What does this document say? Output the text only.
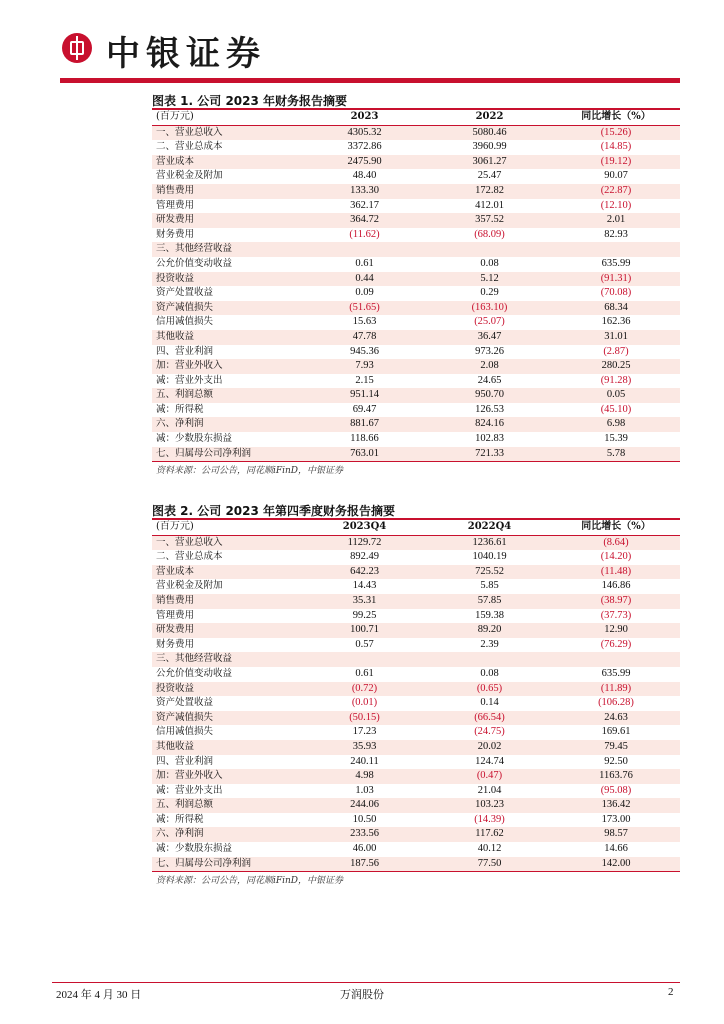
中银证券
图表 1. 公司 2023 年财务报告摘要
(百万元)	2023	2022	同比增长（%）
一、营业总收入	4305.32	5080.46	(15.26)
二、营业总成本	3372.86	3960.99	(14.85)
营业成本	2475.90	3061.27	(19.12)
营业税金及附加	48.40	25.47	90.07
销售费用	133.30	172.82	(22.87)
管理费用	362.17	412.01	(12.10)
研发费用	364.72	357.52	2.01
财务费用	(11.62)	(68.09)	82.93
三、其他经营收益			
公允价值变动收益	0.61	0.08	635.99
投资收益	0.44	5.12	(91.31)
资产处置收益	0.09	0.29	(70.08)
资产减值损失	(51.65)	(163.10)	68.34
信用减值损失	15.63	(25.07)	162.36
其他收益	47.78	36.47	31.01
四、营业利润	945.36	973.26	(2.87)
加：营业外收入	7.93	2.08	280.25
减：营业外支出	2.15	24.65	(91.28)
五、利润总额	951.14	950.70	0.05
减：所得税	69.47	126.53	(45.10)
六、净利润	881.67	824.16	6.98
减：少数股东损益	118.66	102.83	15.39
七、归属母公司净利润	763.01	721.33	5.78
资料来源：公司公告，同花顺iFinD，中银证券
图表 2. 公司 2023 年第四季度财务报告摘要
(百万元)	2023Q4	2022Q4	同比增长（%）
一、营业总收入	1129.72	1236.61	(8.64)
二、营业总成本	892.49	1040.19	(14.20)
营业成本	642.23	725.52	(11.48)
营业税金及附加	14.43	5.85	146.86
销售费用	35.31	57.85	(38.97)
管理费用	99.25	159.38	(37.73)
研发费用	100.71	89.20	12.90
财务费用	0.57	2.39	(76.29)
三、其他经营收益			
公允价值变动收益	0.61	0.08	635.99
投资收益	(0.72)	(0.65)	(11.89)
资产处置收益	(0.01)	0.14	(106.28)
资产减值损失	(50.15)	(66.54)	24.63
信用减值损失	17.23	(24.75)	169.61
其他收益	35.93	20.02	79.45
四、营业利润	240.11	124.74	92.50
加：营业外收入	4.98	(0.47)	1163.76
减：营业外支出	1.03	21.04	(95.08)
五、利润总额	244.06	103.23	136.42
减：所得税	10.50	(14.39)	173.00
六、净利润	233.56	117.62	98.57
减：少数股东损益	46.00	40.12	14.66
七、归属母公司净利润	187.56	77.50	142.00
资料来源：公司公告，同花顺iFinD，中银证券
2024 年 4 月 30 日	万润股份	2
